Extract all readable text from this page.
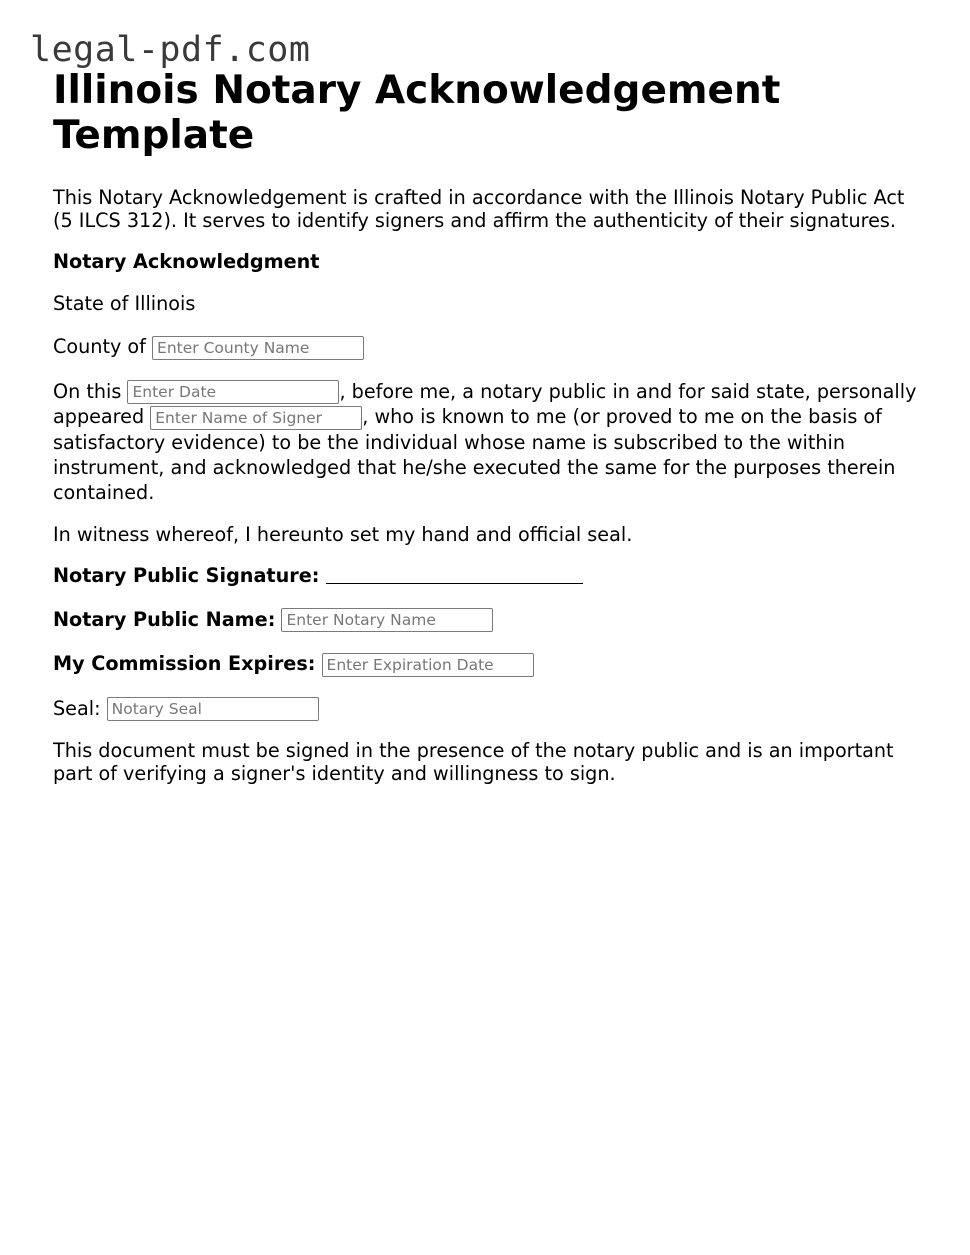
legal-pdf.com
Illinois Notary Acknowledgement Template

This Notary Acknowledgement is crafted in accordance with the Illinois Notary Public Act (5 ILCS 312). It serves to identify signers and affirm the authenticity of their signatures.

Notary Acknowledgment

State of Illinois

County of Enter County Name

On this Enter Date	, before me, a notary public in and for said state, personally appeared Enter Name of Signer	, who is known to me (or proved to me on the basis of satisfactory evidence) to be the individual whose name is subscribed to the within instrument, and acknowledged that he/she executed the same for the purposes therein contained.

In witness whereof, I hereunto set my hand and official seal.

Notary Public Signature:

Notary Public Name: Enter Notary Name

My Commission Expires: Enter Expiration Date

Seal: Notary Seal

This document must be signed in the presence of the notary public and is an important part of verifying a signer's identity and willingness to sign.
